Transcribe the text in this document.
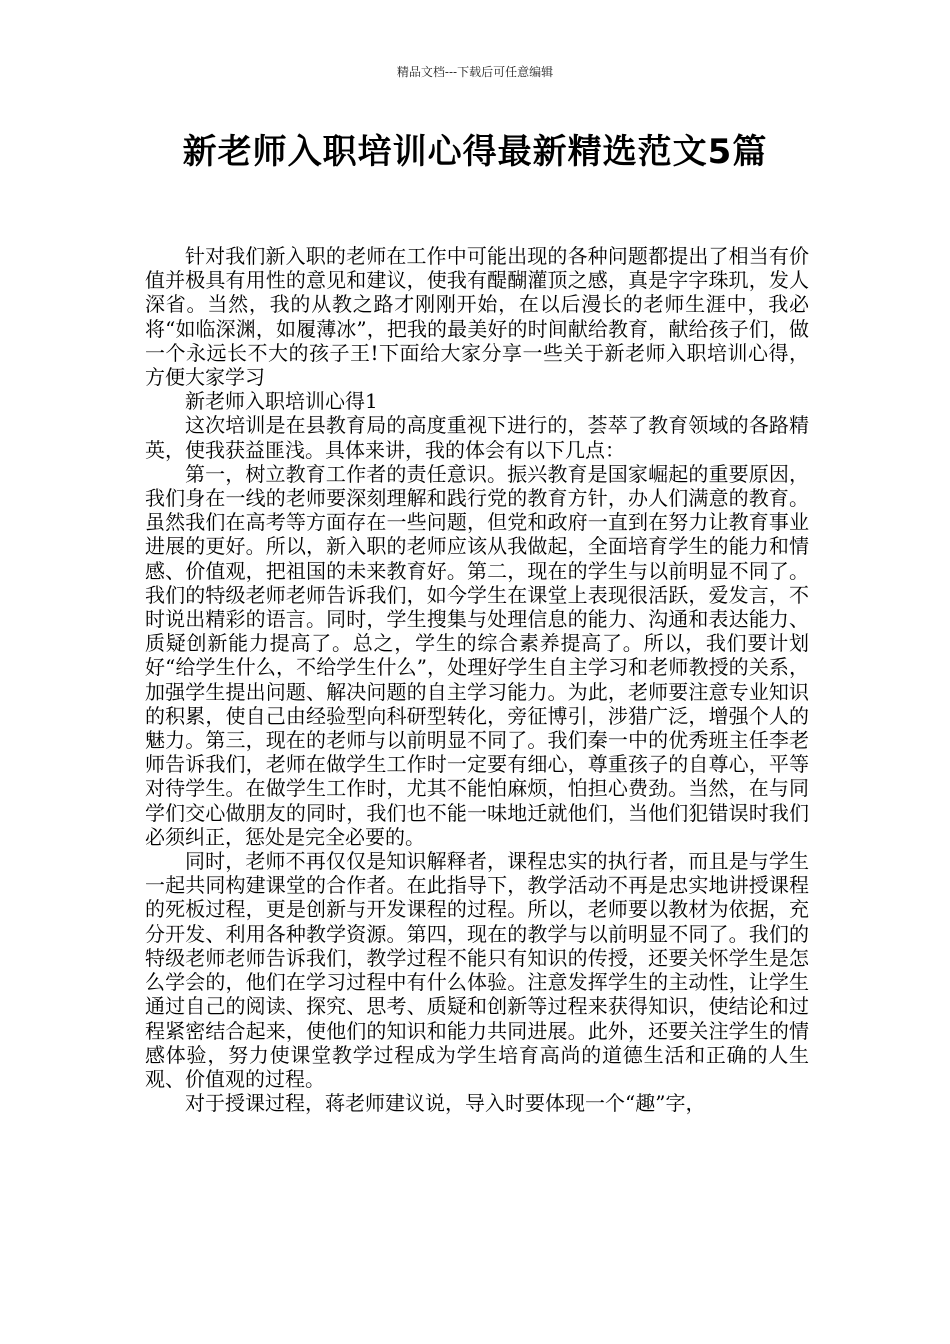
精品文档---下载后可任意编辑
新老师入职培训心得最新精选范文5篇

针对我们新入职的老师在工作中可能出现的各种问题都提出了相当有价值并极具有用性的意见和建议，使我有醍醐灌顶之感，真是字字珠玑，发人深省。当然，我的从教之路才刚刚开始，在以后漫长的老师生涯中，我必将“如临深渊，如履薄冰”，把我的最美好的时间献给教育，献给孩子们，做一个永远长不大的孩子王!下面给大家分享一些关于新老师入职培训心得，方便大家学习

新老师入职培训心得1

这次培训是在县教育局的高度重视下进行的，荟萃了教育领域的各路精英，使我获益匪浅。具体来讲，我的体会有以下几点：

第一，树立教育工作者的责任意识。振兴教育是国家崛起的重要原因，我们身在一线的老师要深刻理解和践行党的教育方针，办人们满意的教育。虽然我们在高考等方面存在一些问题，但党和政府一直到在努力让教育事业进展的更好。所以，新入职的老师应该从我做起，全面培育学生的能力和情感、价值观，把祖国的未来教育好。第二，现在的学生与以前明显不同了。我们的特级老师老师告诉我们，如今学生在课堂上表现很活跃，爱发言，不时说出精彩的语言。同时，学生搜集与处理信息的能力、沟通和表达能力、质疑创新能力提高了。总之，学生的综合素养提高了。所以，我们要计划好“给学生什么，不给学生什么”，处理好学生自主学习和老师教授的关系，加强学生提出问题、解决问题的自主学习能力。为此，老师要注意专业知识的积累，使自己由经验型向科研型转化，旁征博引，涉猎广泛，增强个人的魅力。第三，现在的老师与以前明显不同了。我们秦一中的优秀班主任李老师告诉我们，老师在做学生工作时一定要有细心，尊重孩子的自尊心，平等对待学生。在做学生工作时，尤其不能怕麻烦，怕担心费劲。当然，在与同学们交心做朋友的同时，我们也不能一味地迁就他们，当他们犯错误时我们必须纠正，惩处是完全必要的。

同时，老师不再仅仅是知识解释者，课程忠实的执行者，而且是与学生一起共同构建课堂的合作者。在此指导下，教学活动不再是忠实地讲授课程的死板过程，更是创新与开发课程的过程。所以，老师要以教材为依据，充分开发、利用各种教学资源。第四，现在的教学与以前明显不同了。我们的特级老师老师告诉我们，教学过程不能只有知识的传授，还要关怀学生是怎么学会的，他们在学习过程中有什么体验。注意发挥学生的主动性，让学生通过自己的阅读、探究、思考、质疑和创新等过程来获得知识，使结论和过程紧密结合起来，使他们的知识和能力共同进展。此外，还要关注学生的情感体验，努力使课堂教学过程成为学生培育高尚的道德生活和正确的人生观、价值观的过程。

对于授课过程，蒋老师建议说，导入时要体现一个“趣”字，
